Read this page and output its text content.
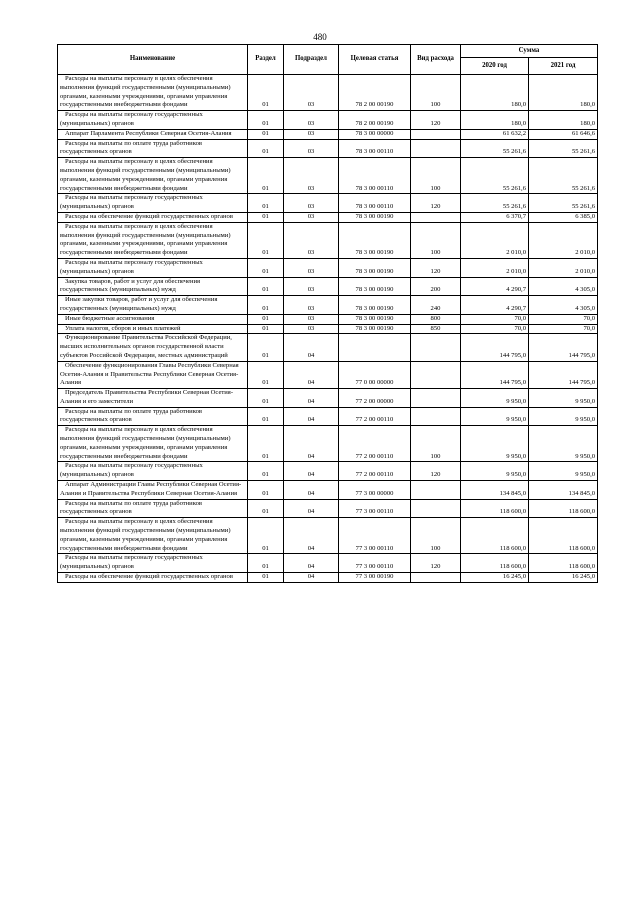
480
Наименование	Раздел	Подраздел	Целевая статья	Вид расхода	Сумма	
					2020 год	2021 год
Расходы на выплаты персоналу в целях обеспечения выполнения функций государственными (муниципальными) органами, казенными учреждениями, органами управления государственными внебюджетными фондами	01	03	78 2 00 00190	100	180,0	180,0
Расходы на выплаты персоналу государственных (муниципальных) органов	01	03	78 2 00 00190	120	180,0	180,0
Аппарат Парламента Республики Северная Осетия-Алания	01	03	78 3 00 00000		61 632,2	61 646,6
Расходы на выплаты по оплате труда работников государственных органов	01	03	78 3 00 00110		55 261,6	55 261,6
Расходы на выплаты персоналу в целях обеспечения выполнения функций государственными (муниципальными) органами, казенными учреждениями, органами управления государственными внебюджетными фондами	01	03	78 3 00 00110	100	55 261,6	55 261,6
Расходы на выплаты персоналу государственных (муниципальных) органов	01	03	78 3 00 00110	120	55 261,6	55 261,6
Расходы на обеспечение функций государственных органов	01	03	78 3 00 00190		6 370,7	6 385,0
Расходы на выплаты персоналу в целях обеспечения выполнения функций государственными (муниципальными) органами, казенными учреждениями, органами управления государственными внебюджетными фондами	01	03	78 3 00 00190	100	2 010,0	2 010,0
Расходы на выплаты персоналу государственных (муниципальных) органов	01	03	78 3 00 00190	120	2 010,0	2 010,0
Закупка товаров, работ и услуг для обеспечения государственных (муниципальных) нужд	01	03	78 3 00 00190	200	4 290,7	4 305,0
Иные закупки товаров, работ и услуг для обеспечения государственных (муниципальных) нужд	01	03	78 3 00 00190	240	4 290,7	4 305,0
Иные бюджетные ассигнования	01	03	78 3 00 00190	800	70,0	70,0
Уплата налогов, сборов и иных платежей	01	03	78 3 00 00190	850	70,0	70,0
Функционирование Правительства Российской Федерации, высших исполнительных органов государственной власти субъектов Российской Федерации, местных администраций	01	04			144 795,0	144 795,0
Обеспечение функционирования Главы Республики Северная Осетия-Алания и Правительства Республики Северная Осетия-Алания	01	04	77 0 00 00000		144 795,0	144 795,0
Председатель Правительства Республики Северная Осетия-Алания и его заместители	01	04	77 2 00 00000		9 950,0	9 950,0
Расходы на выплаты по оплате труда работников государственных органов	01	04	77 2 00 00110		9 950,0	9 950,0
Расходы на выплаты персоналу в целях обеспечения выполнения функций государственными (муниципальными) органами, казенными учреждениями, органами управления государственными внебюджетными фондами	01	04	77 2 00 00110	100	9 950,0	9 950,0
Расходы на выплаты персоналу государственных (муниципальных) органов	01	04	77 2 00 00110	120	9 950,0	9 950,0
Аппарат Администрации Главы Республики Северная Осетия-Алания и Правительства Республики Северная Осетия-Алания	01	04	77 3 00 00000		134 845,0	134 845,0
Расходы на выплаты по оплате труда работников государственных органов	01	04	77 3 00 00110		118 600,0	118 600,0
Расходы на выплаты персоналу в целях обеспечения выполнения функций государственными (муниципальными) органами, казенными учреждениями, органами управления государственными внебюджетными фондами	01	04	77 3 00 00110	100	118 600,0	118 600,0
Расходы на выплаты персоналу государственных (муниципальных) органов	01	04	77 3 00 00110	120	118 600,0	118 600,0
Расходы на обеспечение функций государственных органов	01	04	77 3 00 00190		16 245,0	16 245,0
